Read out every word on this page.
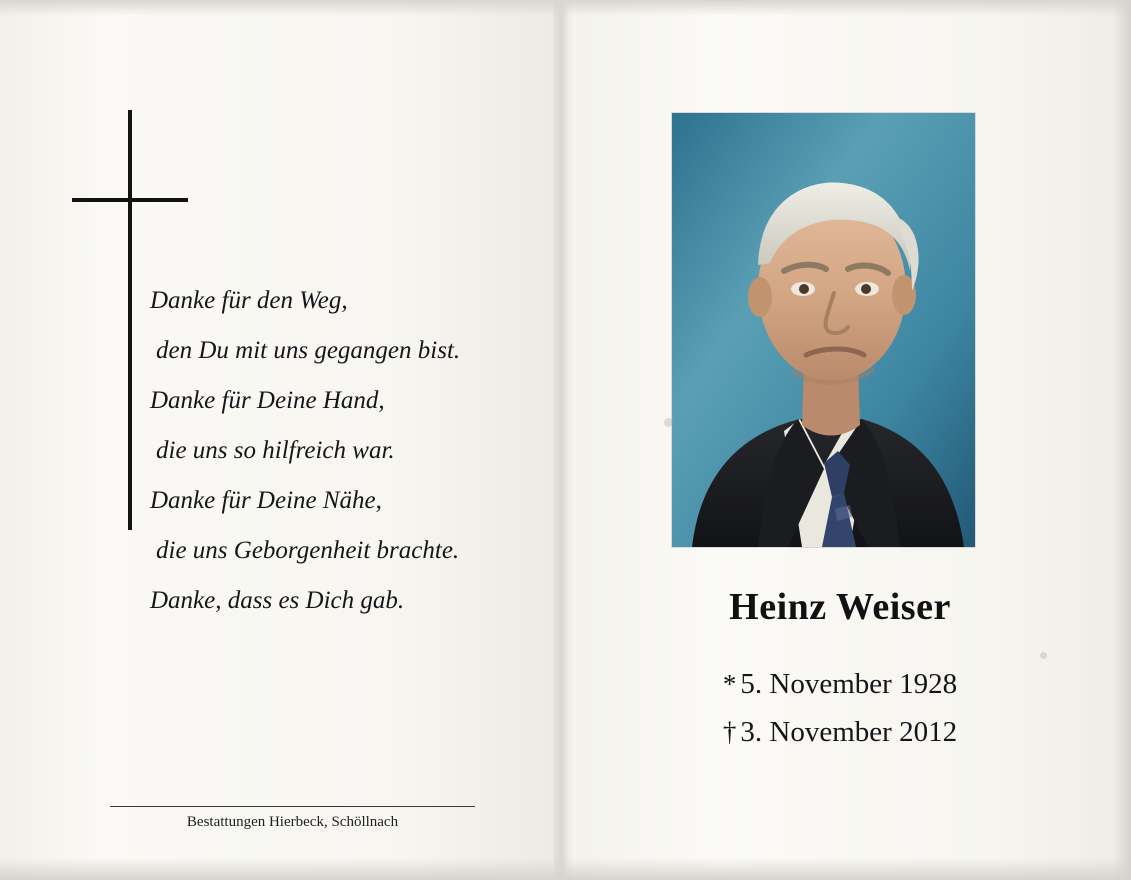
Danke für den Weg,
den Du mit uns gegangen bist.
Danke für Deine Hand,
die uns so hilfreich war.
Danke für Deine Nähe,
die uns Geborgenheit brachte.
Danke, dass es Dich gab.
Bestattungen Hierbeck, Schöllnach
Heinz Weiser
* 5. November 1928
† 3. November 2012
